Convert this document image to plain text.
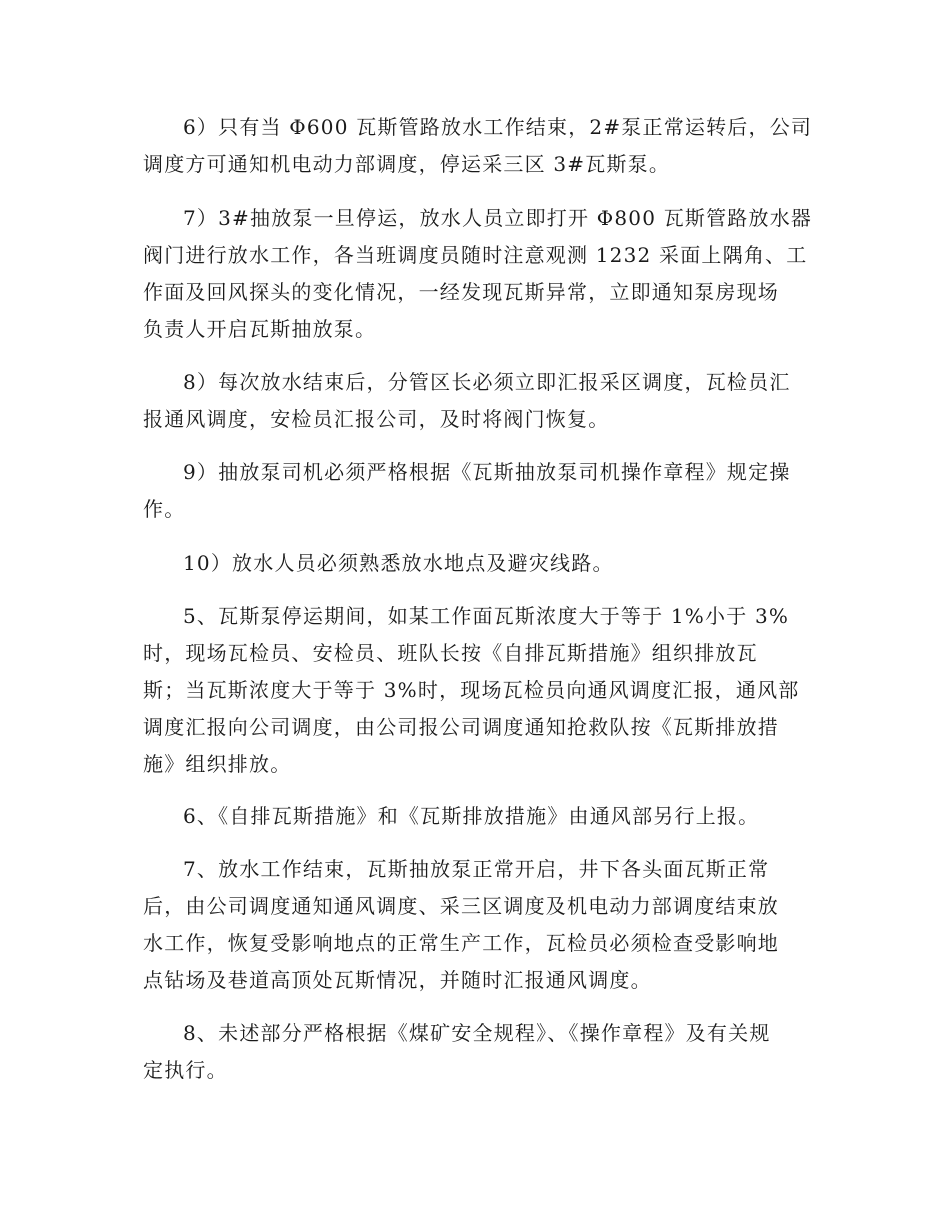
6）只有当 Φ600 瓦斯管路放水工作结束，2#泵正常运转后，公司
调度方可通知机电动力部调度，停运采三区 3#瓦斯泵。
7）3#抽放泵一旦停运，放水人员立即打开 Φ800 瓦斯管路放水器
阀门进行放水工作，各当班调度员随时注意观测 1232 采面上隅角、工
作面及回风探头的变化情况，一经发现瓦斯异常，立即通知泵房现场
负责人开启瓦斯抽放泵。
8）每次放水结束后，分管区长必须立即汇报采区调度，瓦检员汇
报通风调度，安检员汇报公司，及时将阀门恢复。
9）抽放泵司机必须严格根据《瓦斯抽放泵司机操作章程》规定操
作。
10）放水人员必须熟悉放水地点及避灾线路。
5、瓦斯泵停运期间，如某工作面瓦斯浓度大于等于 1%小于 3%
时，现场瓦检员、安检员、班队长按《自排瓦斯措施》组织排放瓦
斯；当瓦斯浓度大于等于 3%时，现场瓦检员向通风调度汇报，通风部
调度汇报向公司调度，由公司报公司调度通知抢救队按《瓦斯排放措
施》组织排放。
6、《自排瓦斯措施》和《瓦斯排放措施》由通风部另行上报。
7、放水工作结束，瓦斯抽放泵正常开启，井下各头面瓦斯正常
后，由公司调度通知通风调度、采三区调度及机电动力部调度结束放
水工作，恢复受影响地点的正常生产工作，瓦检员必须检查受影响地
点钻场及巷道高顶处瓦斯情况，并随时汇报通风调度。
8、未述部分严格根据《煤矿安全规程》、《操作章程》及有关规
定执行。
